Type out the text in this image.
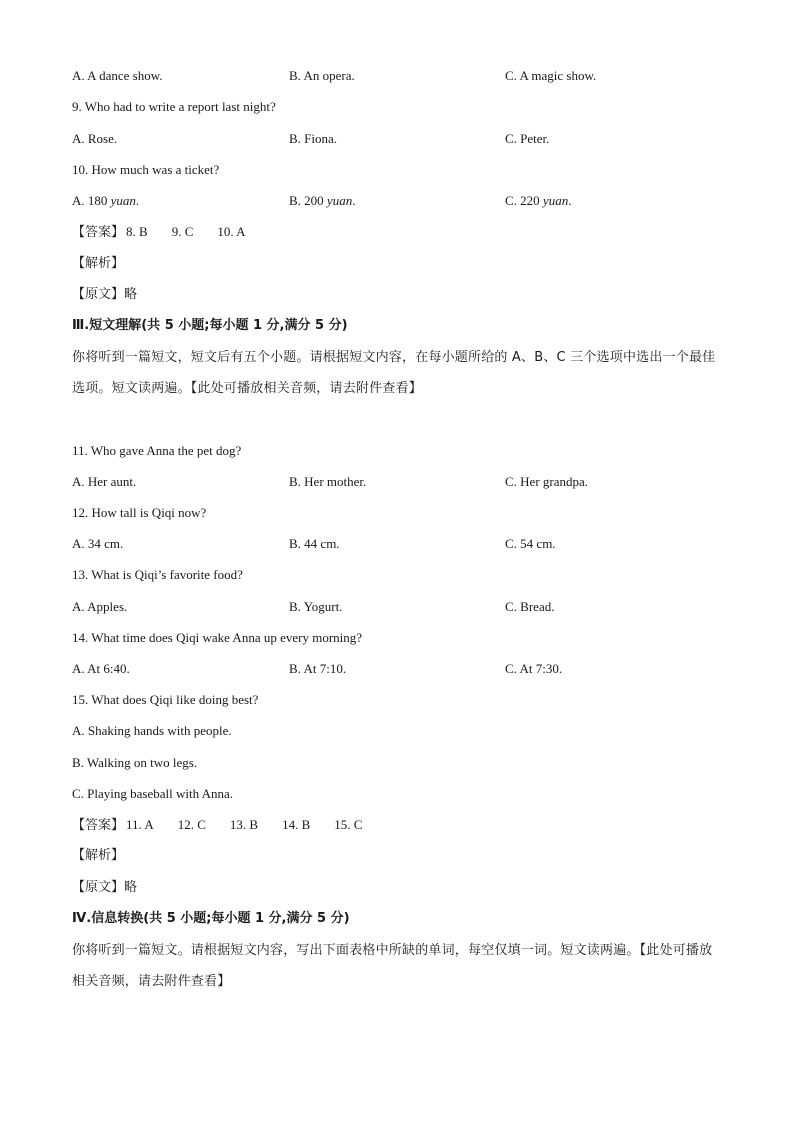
A. A dance show.	B. An opera.	C. A magic show.
9. Who had to write a report last night?
A. Rose.	B. Fiona.	C. Peter.
10. How much was a ticket?
A. 180 yuan.	B. 200 yuan.	C. 220 yuan.
【答案】 8. B 9. C 10. A
【解析】
【原文】略
Ⅲ.短文理解(共 5 小题;每小题 1 分,满分 5 分)
你将听到一篇短文，短文后有五个小题。请根据短文内容，在每小题所给的 A、B、C 三个选项中选出一个最佳选项。短文读两遍。【此处可播放相关音频，请去附件查看】
11. Who gave Anna the pet dog?
A. Her aunt.	B. Her mother.	C. Her grandpa.
12. How tall is Qiqi now?
A. 34 cm.	B. 44 cm.	C. 54 cm.
13. What is Qiqi’s favorite food?
A. Apples.	B. Yogurt.	C. Bread.
14. What time does Qiqi wake Anna up every morning?
A. At 6:40.	B. At 7:10.	C. At 7:30.
15. What does Qiqi like doing best?
A. Shaking hands with people.
B. Walking on two legs.
C. Playing baseball with Anna.
【答案】 11. A 12. C 13. B 14. B 15. C
【解析】
【原文】略
Ⅳ.信息转换(共 5 小题;每小题 1 分,满分 5 分)
你将听到一篇短文。请根据短文内容，写出下面表格中所缺的单词，每空仅填一词。短文读两遍。【此处可播放相关音频，请去附件查看】
